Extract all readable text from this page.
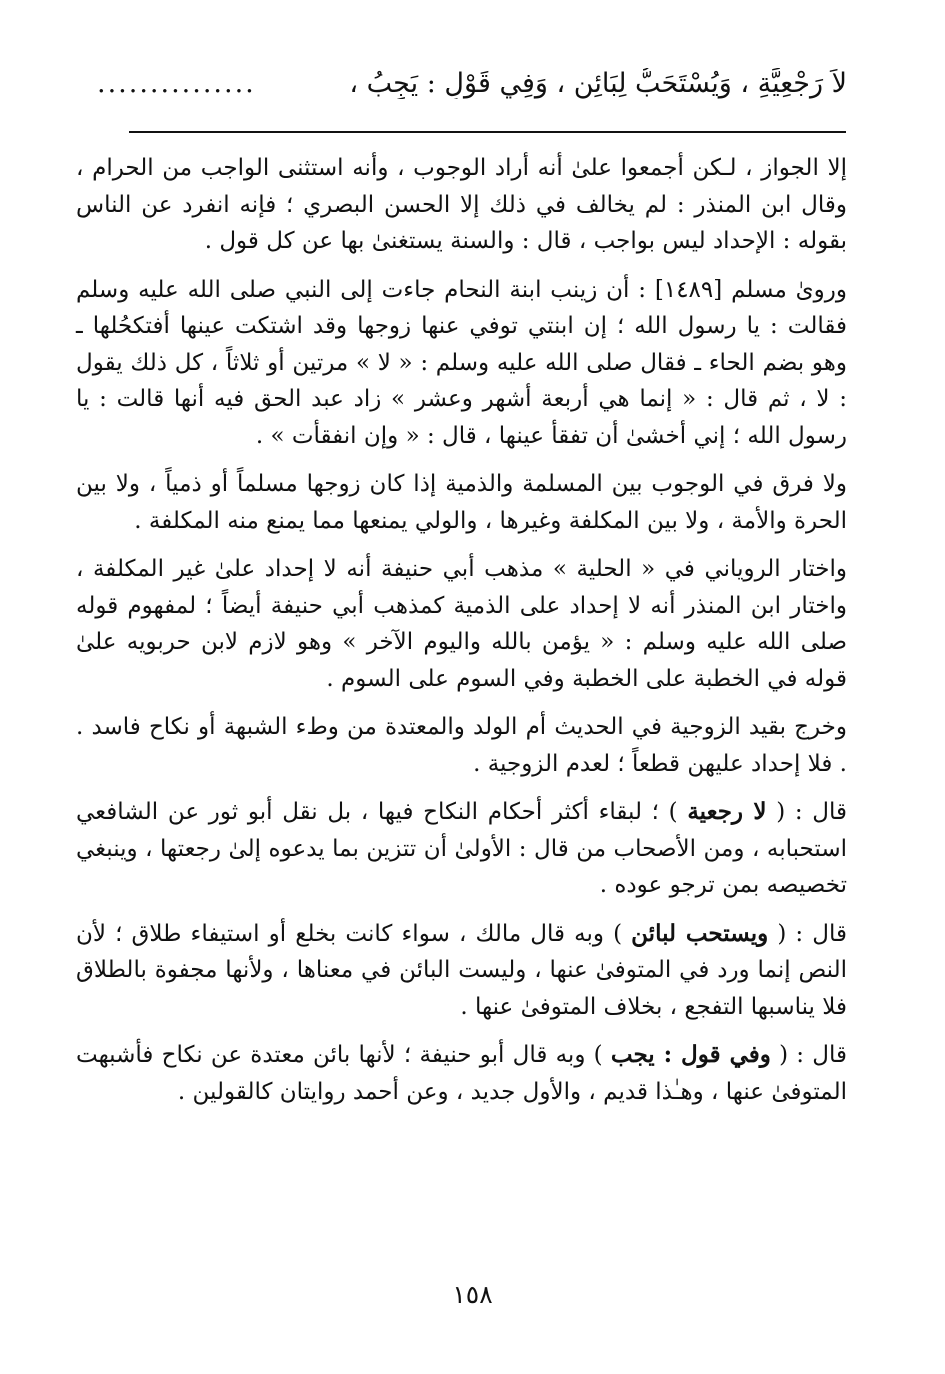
لاَ رَجْعِيَّةِ ، وَيُسْتَحَبُّ لِبَائِنٍ ، وَفِي قَوْلٍ : يَجِبُ ،
...............

إلا الجواز ، لـكن أجمعوا علىٰ أنه أراد الوجوب ، وأنه استثنى الواجب من الحرام ، وقال ابن المنذر : لم يخالف في ذلك إلا الحسن البصري ؛ فإنه انفرد عن الناس بقوله : الإحداد ليس بواجب ، قال : والسنة يستغنىٰ بها عن كل قول .

وروىٰ مسلم [١٤٨٩] : أن زينب ابنة النحام جاءت إلى النبي صلى الله عليه وسلم فقالت : يا رسول الله ؛ إن ابنتي توفي عنها زوجها وقد اشتكت عينها أفتكحُلها ـ وهو بضم الحاء ـ فقال صلى الله عليه وسلم : « لا » مرتين أو ثلاثاً ، كل ذلك يقول : لا ، ثم قال : « إنما هي أربعة أشهر وعشر » زاد عبد الحق فيه أنها قالت : يا رسول الله ؛ إني أخشىٰ أن تفقأ عينها ، قال : « وإن انفقأت » .

ولا فرق في الوجوب بين المسلمة والذمية إذا كان زوجها مسلماً أو ذمياً ، ولا بين الحرة والأمة ، ولا بين المكلفة وغيرها ، والولي يمنعها مما يمنع منه المكلفة .

واختار الروياني في « الحلية » مذهب أبي حنيفة أنه لا إحداد علىٰ غير المكلفة ، واختار ابن المنذر أنه لا إحداد على الذمية كمذهب أبي حنيفة أيضاً ؛ لمفهوم قوله صلى الله عليه وسلم : « يؤمن بالله واليوم الآخر » وهو لازم لابن حربويه علىٰ قوله في الخطبة على الخطبة وفي السوم على السوم .

وخرج بقيد الزوجية في الحديث أم الولد والمعتدة من وطء الشبهة أو نكاح فاسد . . فلا إحداد عليهن قطعاً ؛ لعدم الزوجية .

قال : ( لا رجعية ) ؛ لبقاء أكثر أحكام النكاح فيها ، بل نقل أبو ثور عن الشافعي استحبابه ، ومن الأصحاب من قال : الأولىٰ أن تتزين بما يدعوه إلىٰ رجعتها ، وينبغي تخصيصه بمن ترجو عوده .

قال : ( ويستحب لبائن ) وبه قال مالك ، سواء كانت بخلع أو استيفاء طلاق ؛ لأن النص إنما ورد في المتوفىٰ عنها ، وليست البائن في معناها ، ولأنها مجفوة بالطلاق فلا يناسبها التفجع ، بخلاف المتوفىٰ عنها .

قال : ( وفي قول : يجب ) وبه قال أبو حنيفة ؛ لأنها بائن معتدة عن نكاح فأشبهت المتوفىٰ عنها ، وهـٰذا قديم ، والأول جديد ، وعن أحمد روايتان كالقولين .

١٥٨
